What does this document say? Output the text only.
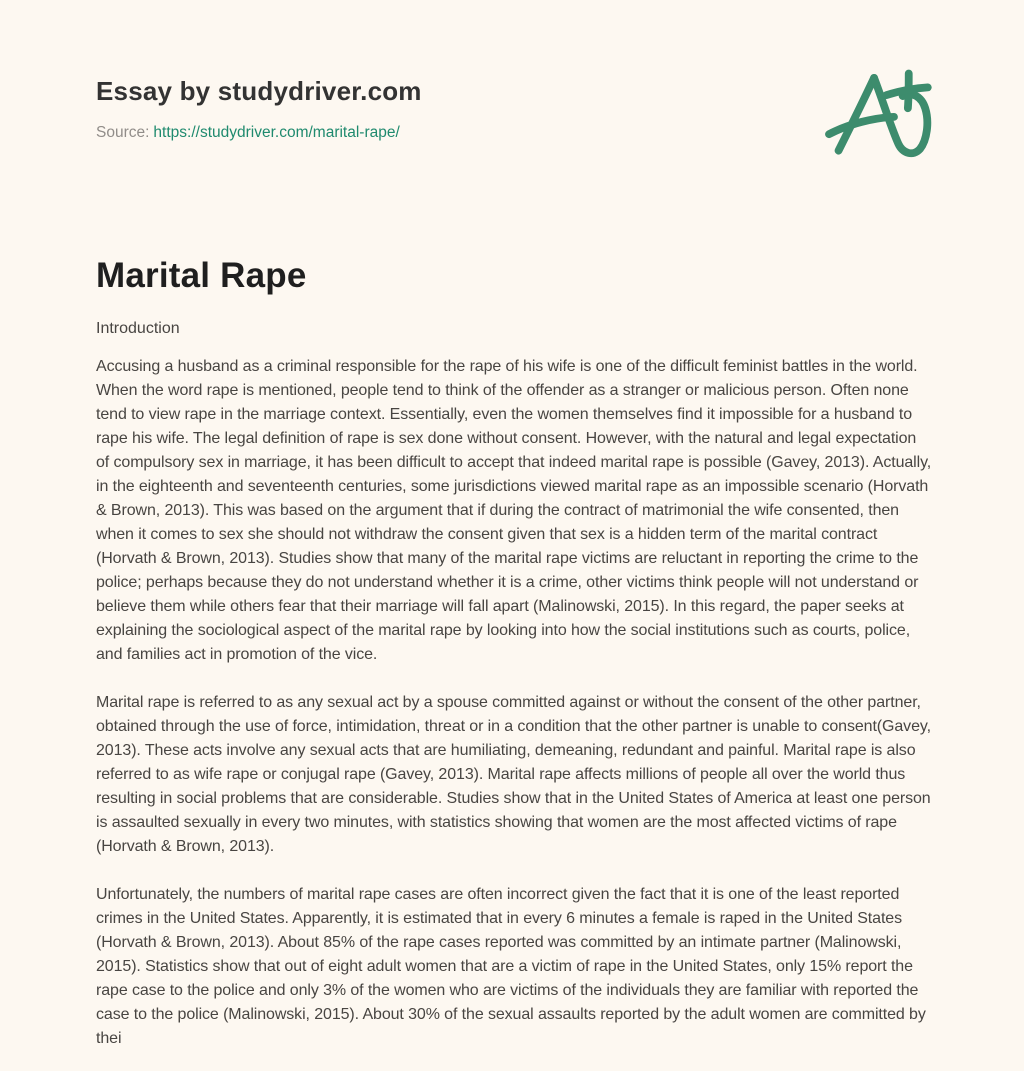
Essay by studydriver.com
Source: https://studydriver.com/marital-rape/
Marital Rape

Introduction

Accusing a husband as a criminal responsible for the rape of his wife is one of the difficult feminist battles in the world. When the word rape is mentioned, people tend to think of the offender as a stranger or malicious person. Often none tend to view rape in the marriage context. Essentially, even the women themselves find it impossible for a husband to rape his wife. The legal definition of rape is sex done without consent. However, with the natural and legal expectation of compulsory sex in marriage, it has been difficult to accept that indeed marital rape is possible (Gavey, 2013). Actually, in the eighteenth and seventeenth centuries, some jurisdictions viewed marital rape as an impossible scenario (Horvath & Brown, 2013). This was based on the argument that if during the contract of matrimonial the wife consented, then when it comes to sex she should not withdraw the consent given that sex is a hidden term of the marital contract (Horvath & Brown, 2013). Studies show that many of the marital rape victims are reluctant in reporting the crime to the police; perhaps because they do not understand whether it is a crime, other victims think people will not understand or believe them while others fear that their marriage will fall apart (Malinowski, 2015). In this regard, the paper seeks at explaining the sociological aspect of the marital rape by looking into how the social institutions such as courts, police, and families act in promotion of the vice.

Marital rape is referred to as any sexual act by a spouse committed against or without the consent of the other partner, obtained through the use of force, intimidation, threat or in a condition that the other partner is unable to consent(Gavey, 2013). These acts involve any sexual acts that are humiliating, demeaning, redundant and painful. Marital rape is also referred to as wife rape or conjugal rape (Gavey, 2013). Marital rape affects millions of people all over the world thus resulting in social problems that are considerable. Studies show that in the United States of America at least one person is assaulted sexually in every two minutes, with statistics showing that women are the most affected victims of rape (Horvath & Brown, 2013).

Unfortunately, the numbers of marital rape cases are often incorrect given the fact that it is one of the least reported crimes in the United States. Apparently, it is estimated that in every 6 minutes a female is raped in the United States (Horvath & Brown, 2013). About 85% of the rape cases reported was committed by an intimate partner (Malinowski, 2015). Statistics show that out of eight adult women that are a victim of rape in the United States, only 15% report the rape case to the police and only 3% of the women who are victims of the individuals they are familiar with reported the case to the police (Malinowski, 2015). About 30% of the sexual assaults reported by the adult women are committed by thei
